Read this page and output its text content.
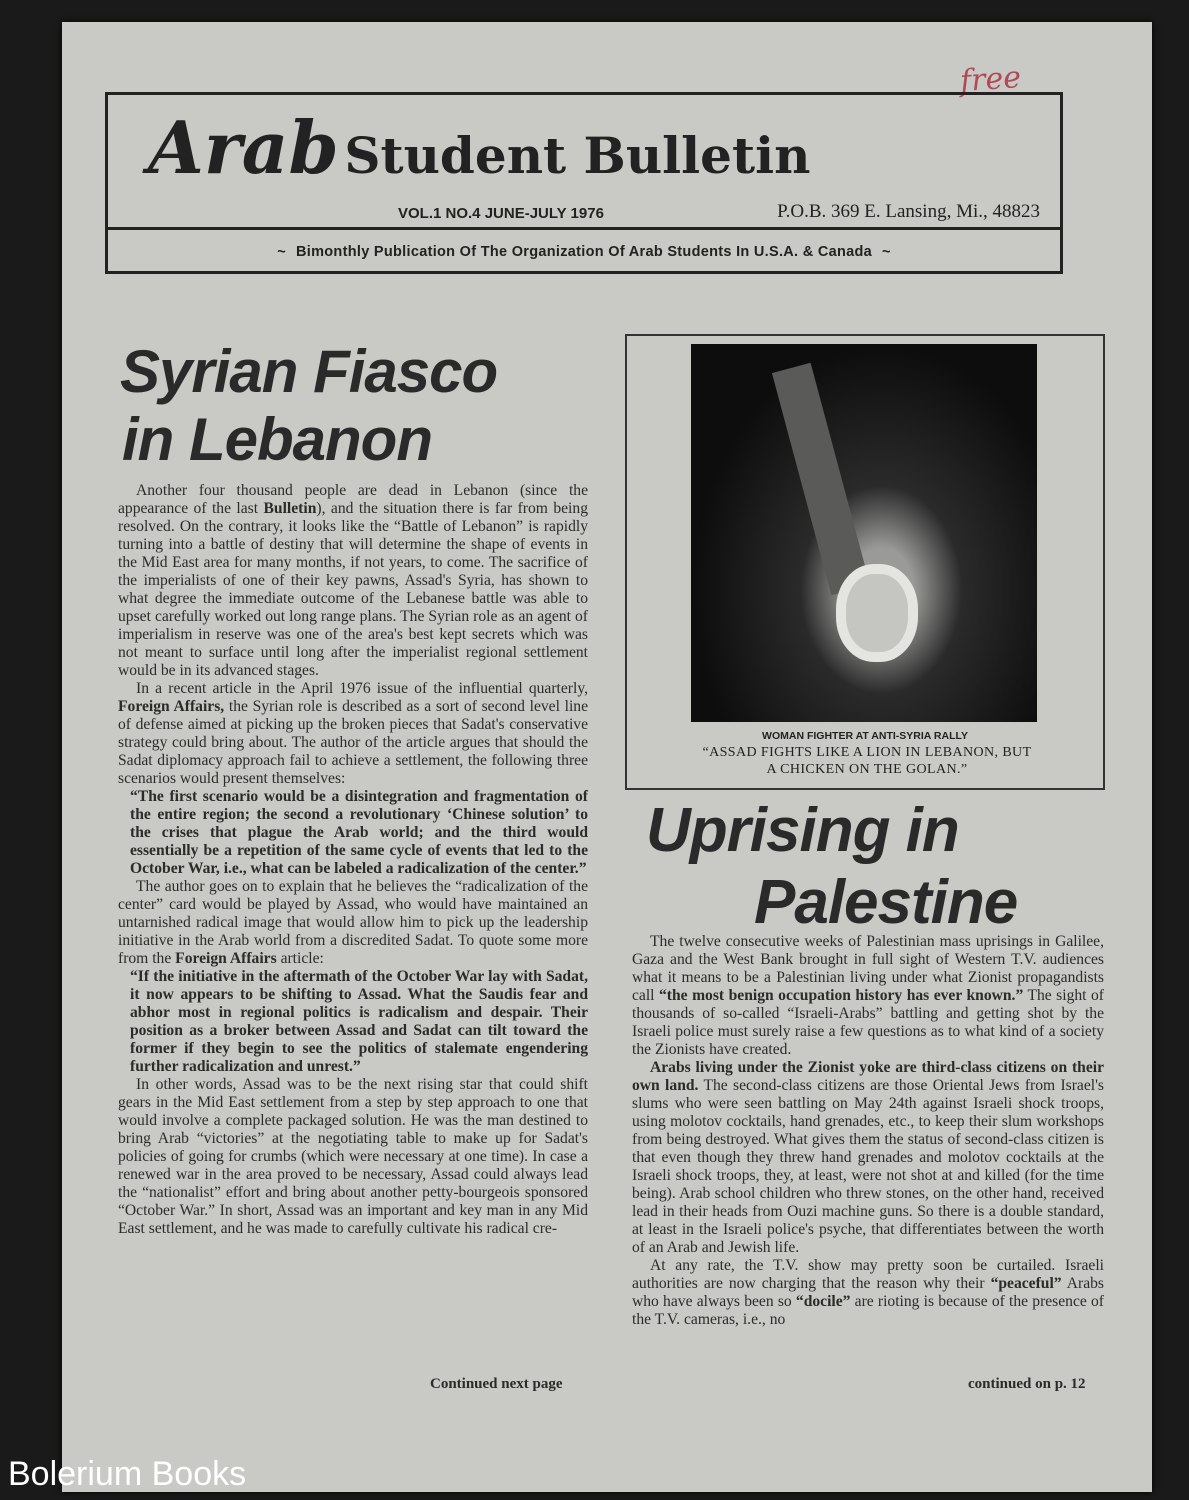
free
Arab Student Bulletin
VOL.1 NO.4 JUNE-JULY 1976	P.O.B. 369 E. Lansing, Mi., 48823
~ Bimonthly Publication Of The Organization Of Arab Students In U.S.A. & Canada ~
Syrian Fiasco
in Lebanon

Another four thousand people are dead in Lebanon (since the appearance of the last Bulletin), and the situation there is far from being resolved. On the contrary, it looks like the “Battle of Lebanon” is rapidly turning into a battle of destiny that will determine the shape of events in the Mid East area for many months, if not years, to come. The sacrifice of the imperialists of one of their key pawns, Assad's Syria, has shown to what degree the immediate outcome of the Lebanese battle was able to upset carefully worked out long range plans. The Syrian role as an agent of imperialism in reserve was one of the area's best kept secrets which was not meant to surface until long after the imperialist regional settlement would be in its advanced stages.

In a recent article in the April 1976 issue of the influential quarterly, Foreign Affairs, the Syrian role is described as a sort of second level line of defense aimed at picking up the broken pieces that Sadat's conservative strategy could bring about. The author of the article argues that should the Sadat diplomacy approach fail to achieve a settlement, the following three scenarios would present themselves:

“The first scenario would be a disintegration and fragmentation of the entire region; the second a revolutionary ‘Chinese solution’ to the crises that plague the Arab world; and the third would essentially be a repetition of the same cycle of events that led to the October War, i.e., what can be labeled a radicalization of the center.”

The author goes on to explain that he believes the “radicalization of the center” card would be played by Assad, who would have maintained an untarnished radical image that would allow him to pick up the leadership initiative in the Arab world from a discredited Sadat. To quote some more from the Foreign Affairs article:

“If the initiative in the aftermath of the October War lay with Sadat, it now appears to be shifting to Assad. What the Saudis fear and abhor most in regional politics is radicalism and despair. Their position as a broker between Assad and Sadat can tilt toward the former if they begin to see the politics of stalemate engendering further radicalization and unrest.”

In other words, Assad was to be the next rising star that could shift gears in the Mid East settlement from a step by step approach to one that would involve a complete packaged solution. He was the man destined to bring Arab “victories” at the negotiating table to make up for Sadat's policies of going for crumbs (which were necessary at one time). In case a renewed war in the area proved to be necessary, Assad could always lead the “nationalist” effort and bring about another petty-bourgeois sponsored “October War.” In short, Assad was an important and key man in any Mid East settlement, and he was made to carefully cultivate his radical cre-

Continued next page
WOMAN FIGHTER AT ANTI-SYRIA RALLY
“ASSAD FIGHTS LIKE A LION IN LEBANON, BUT A CHICKEN ON THE GOLAN.”
Uprising in
Palestine

The twelve consecutive weeks of Palestinian mass uprisings in Galilee, Gaza and the West Bank brought in full sight of Western T.V. audiences what it means to be a Palestinian living under what Zionist propagandists call “the most benign occupation history has ever known.” The sight of thousands of so-called “Israeli-Arabs” battling and getting shot by the Israeli police must surely raise a few questions as to what kind of a society the Zionists have created.

Arabs living under the Zionist yoke are third-class citizens on their own land. The second-class citizens are those Oriental Jews from Israel's slums who were seen battling on May 24th against Israeli shock troops, using molotov cocktails, hand grenades, etc., to keep their slum workshops from being destroyed. What gives them the status of second-class citizen is that even though they threw hand grenades and molotov cocktails at the Israeli shock troops, they, at least, were not shot at and killed (for the time being). Arab school children who threw stones, on the other hand, received lead in their heads from Ouzi machine guns. So there is a double standard, at least in the Israeli police's psyche, that differentiates between the worth of an Arab and Jewish life.

At any rate, the T.V. show may pretty soon be curtailed. Israeli authorities are now charging that the reason why their “peaceful” Arabs who have always been so “docile” are rioting is because of the presence of the T.V. cameras, i.e., no

continued on p. 12
Bolerium Books
